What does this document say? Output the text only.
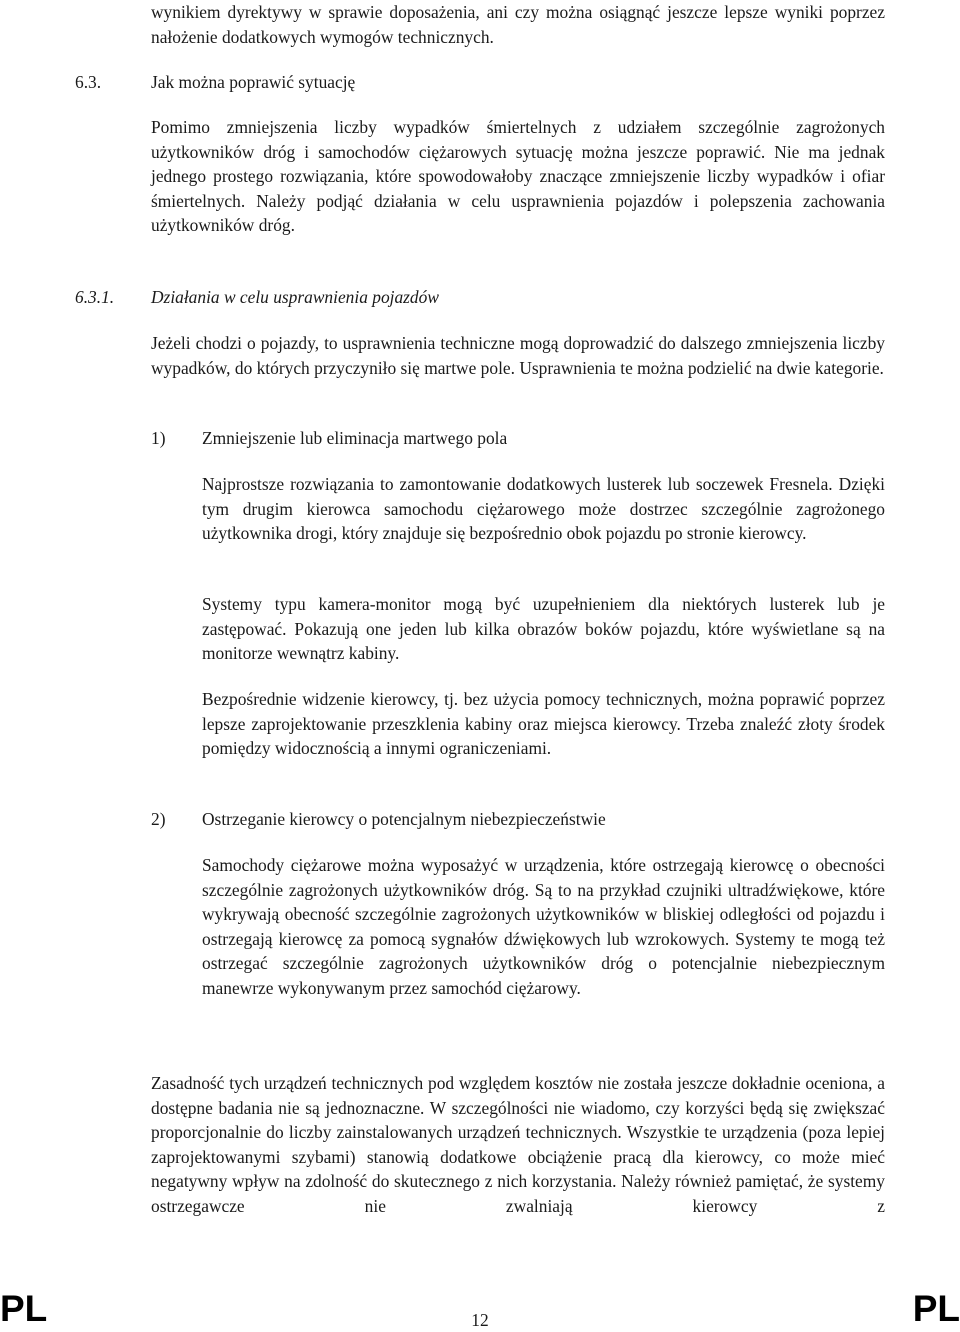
wynikiem dyrektywy w sprawie doposażenia, ani czy można osiągnąć jeszcze lepsze wyniki poprzez nałożenie dodatkowych wymogów technicznych.

6.3.	Jak można poprawić sytuację

Pomimo zmniejszenia liczby wypadków śmiertelnych z udziałem szczególnie zagrożonych użytkowników dróg i samochodów ciężarowych sytuację można jeszcze poprawić. Nie ma jednak jednego prostego rozwiązania, które spowodowałoby znaczące zmniejszenie liczby wypadków i ofiar śmiertelnych. Należy podjąć działania w celu usprawnienia pojazdów i polepszenia zachowania użytkowników dróg.

6.3.1. Działania w celu usprawnienia pojazdów

Jeżeli chodzi o pojazdy, to usprawnienia techniczne mogą doprowadzić do dalszego zmniejszenia liczby wypadków, do których przyczyniło się martwe pole. Usprawnienia te można podzielić na dwie kategorie.

1) Zmniejszenie lub eliminacja martwego pola

Najprostsze rozwiązania to zamontowanie dodatkowych lusterek lub soczewek Fresnela. Dzięki tym drugim kierowca samochodu ciężarowego może dostrzec szczególnie zagrożonego użytkownika drogi, który znajduje się bezpośrednio obok pojazdu po stronie kierowcy.

Systemy typu kamera-monitor mogą być uzupełnieniem dla niektórych lusterek lub je zastępować. Pokazują one jeden lub kilka obrazów boków pojazdu, które wyświetlane są na monitorze wewnątrz kabiny.

Bezpośrednie widzenie kierowcy, tj. bez użycia pomocy technicznych, można poprawić poprzez lepsze zaprojektowanie przeszklenia kabiny oraz miejsca kierowcy. Trzeba znaleźć złoty środek pomiędzy widocznością a innymi ograniczeniami.

2) Ostrzeganie kierowcy o potencjalnym niebezpieczeństwie

Samochody ciężarowe można wyposażyć w urządzenia, które ostrzegają kierowcę o obecności szczególnie zagrożonych użytkowników dróg. Są to na przykład czujniki ultradźwiękowe, które wykrywają obecność szczególnie zagrożonych użytkowników w bliskiej odległości od pojazdu i ostrzegają kierowcę za pomocą sygnałów dźwiękowych lub wzrokowych. Systemy te mogą też ostrzegać szczególnie zagrożonych użytkowników dróg o potencjalnie niebezpiecznym manewrze wykonywanym przez samochód ciężarowy.

Zasadność tych urządzeń technicznych pod względem kosztów nie została jeszcze dokładnie oceniona, a dostępne badania nie są jednoznaczne. W szczególności nie wiadomo, czy korzyści będą się zwiększać proporcjonalnie do liczby zainstalowanych urządzeń technicznych. Wszystkie te urządzenia (poza lepiej zaprojektowanymi szybami) stanowią dodatkowe obciążenie pracą dla kierowcy, co może mieć negatywny wpływ na zdolność do skutecznego z nich korzystania. Należy również pamiętać, że systemy ostrzegawcze nie zwalniają kierowcy z

PL	12	PL
